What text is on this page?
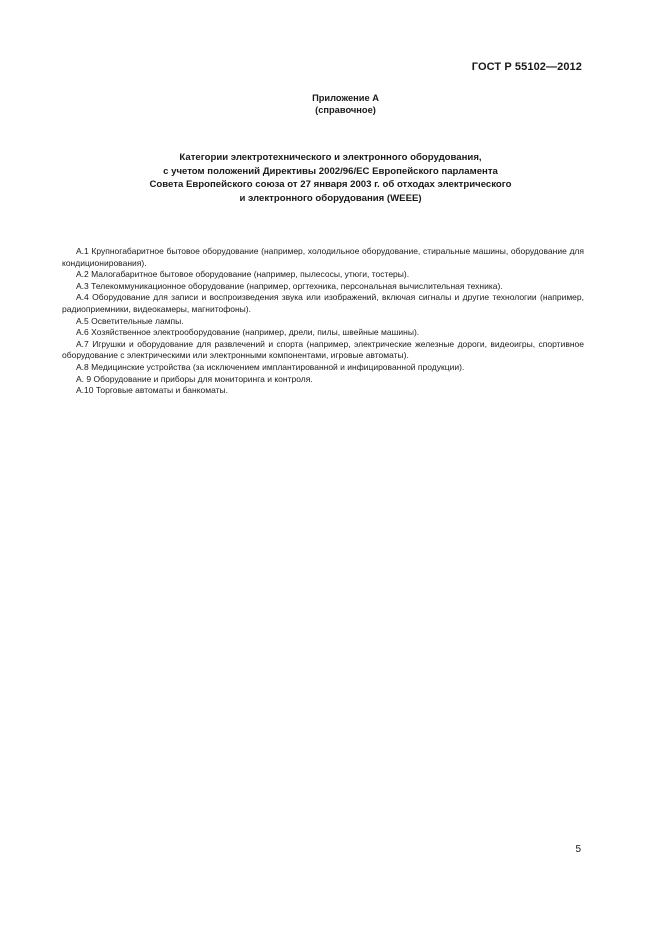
ГОСТ Р 55102—2012
Приложение А
(справочное)
Категории электротехнического и электронного оборудования,
с учетом положений Директивы 2002/96/ЕС Европейского парламента
Совета Европейского союза от 27 января 2003 г. об отходах электрического
и электронного оборудования (WEEE)

А.1 Крупногабаритное бытовое оборудование (например, холодильное оборудование, стиральные машины, оборудование для кондиционирования).

А.2 Малогабаритное бытовое оборудование (например, пылесосы, утюги, тостеры).

А.3 Телекоммуникационное оборудование (например, оргтехника, персональная вычислительная техника).

А.4 Оборудование для записи и воспроизведения звука или изображений, включая сигналы и другие технологии (например, радиоприемники, видеокамеры, магнитофоны).

А.5 Осветительные лампы.

А.6 Хозяйственное электрооборудование (например, дрели, пилы, швейные машины).

А.7 Игрушки и оборудование для развлечений и спорта (например, электрические железные дороги, видеоигры, спортивное оборудование с электрическими или электронными компонентами, игровые автоматы).

А.8 Медицинские устройства (за исключением имплантированной и инфицированной продукции).

А. 9 Оборудование и приборы для мониторинга и контроля.

А.10 Торговые автоматы и банкоматы.

5
